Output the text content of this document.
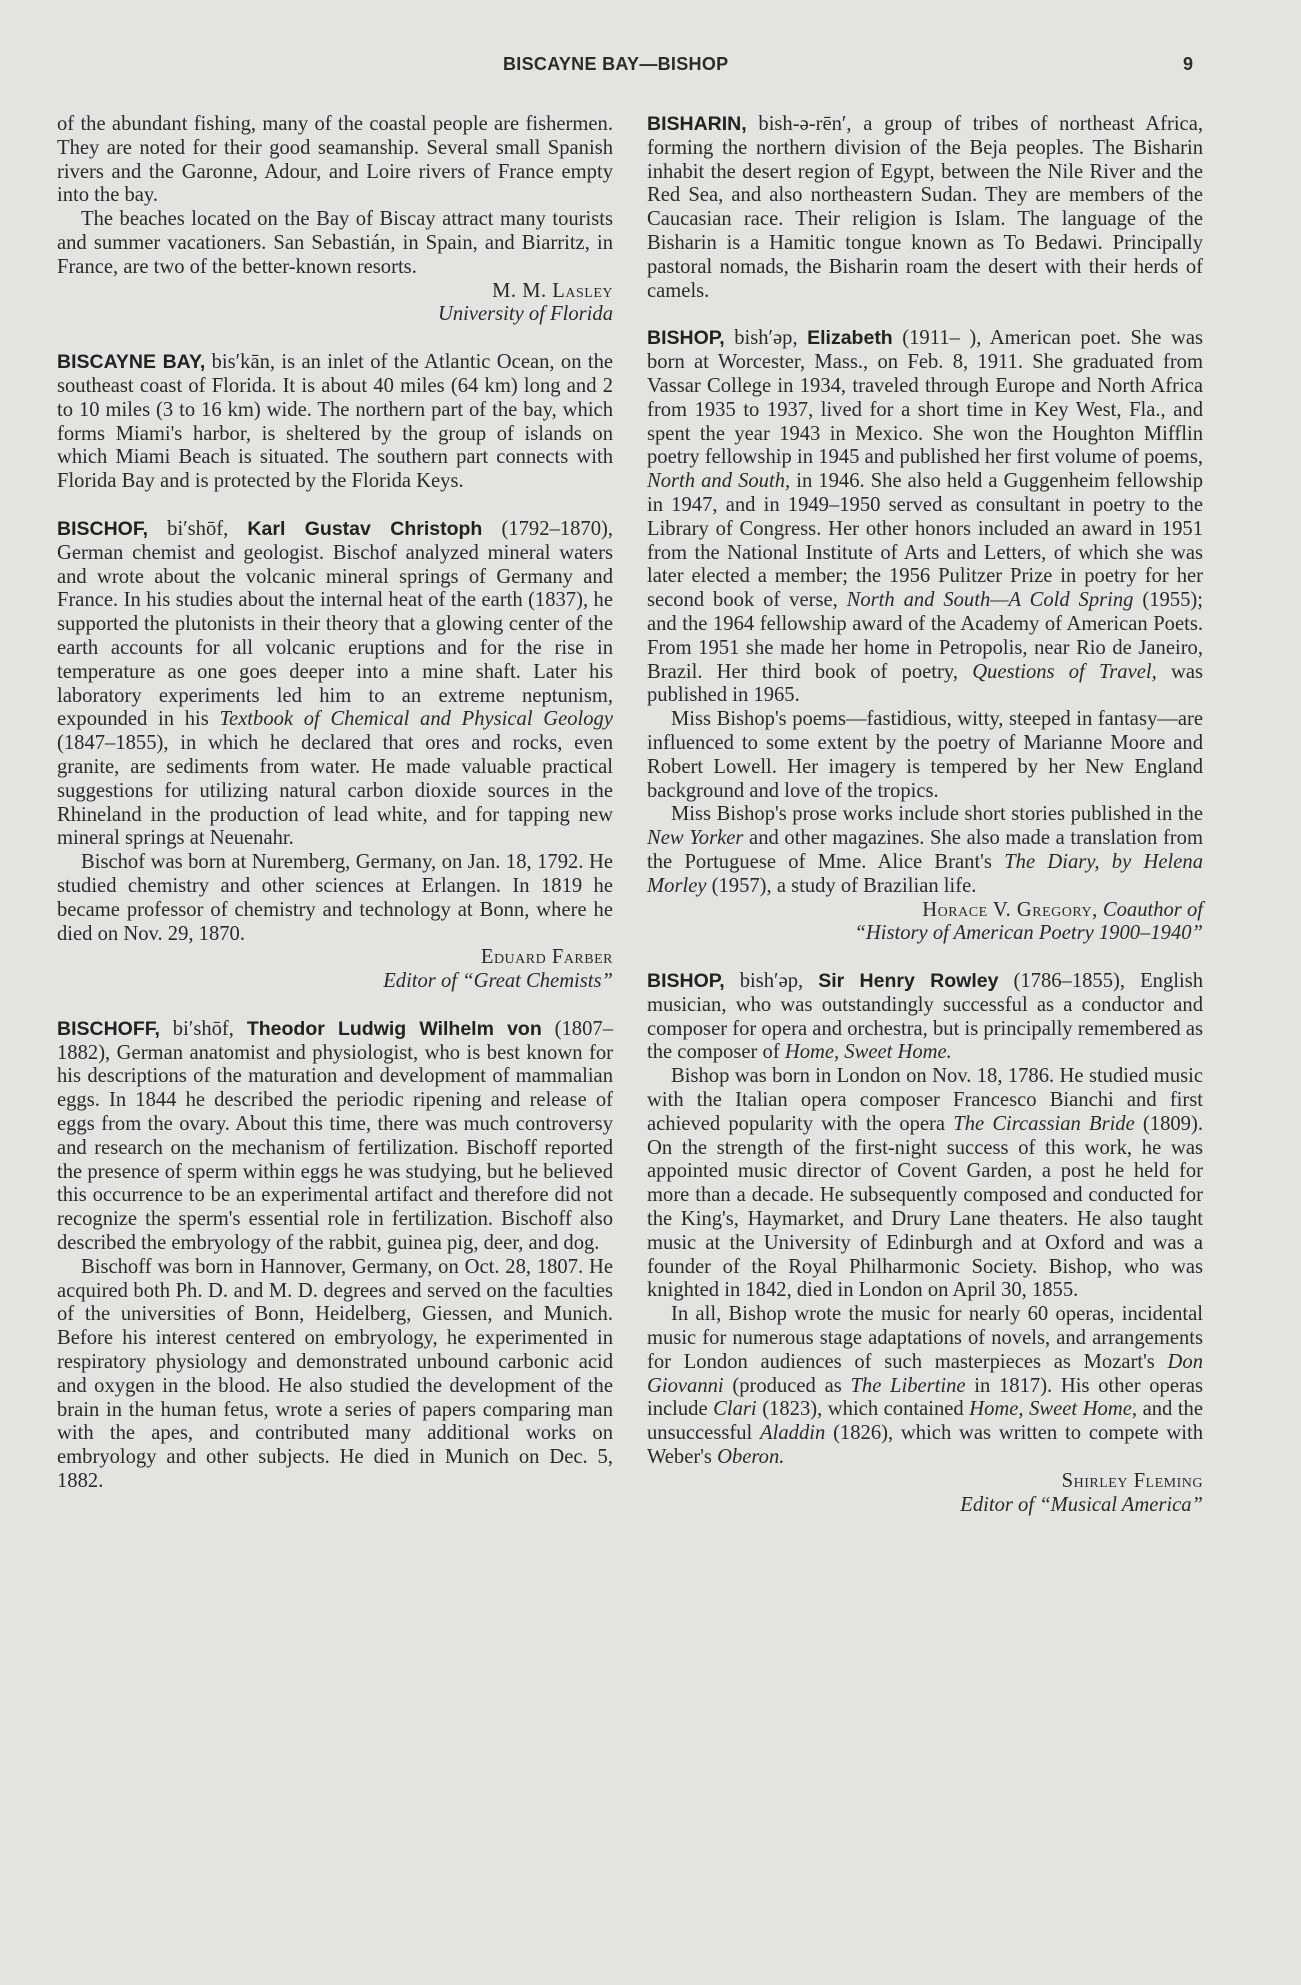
BISCAYNE BAY—BISHOP	9

of the abundant fishing, many of the coastal people are fishermen. They are noted for their good seamanship. Several small Spanish rivers and the Garonne, Adour, and Loire rivers of France empty into the bay.

The beaches located on the Bay of Biscay attract many tourists and summer vacationers. San Sebastián, in Spain, and Biarritz, in France, are two of the better-known resorts.

M. M. Lasley

University of Florida

BISCAYNE BAY, bis′kān, is an inlet of the Atlantic Ocean, on the southeast coast of Florida. It is about 40 miles (64 km) long and 2 to 10 miles (3 to 16 km) wide. The northern part of the bay, which forms Miami's harbor, is sheltered by the group of islands on which Miami Beach is situated. The southern part connects with Florida Bay and is protected by the Florida Keys.

BISCHOF, bi′shōf, Karl Gustav Christoph (1792–1870), German chemist and geologist. Bischof analyzed mineral waters and wrote about the volcanic mineral springs of Germany and France. In his studies about the internal heat of the earth (1837), he supported the plutonists in their theory that a glowing center of the earth accounts for all volcanic eruptions and for the rise in temperature as one goes deeper into a mine shaft. Later his laboratory experiments led him to an extreme neptunism, expounded in his Textbook of Chemical and Physical Geology (1847–1855), in which he declared that ores and rocks, even granite, are sediments from water. He made valuable practical suggestions for utilizing natural carbon dioxide sources in the Rhineland in the production of lead white, and for tapping new mineral springs at Neuenahr.

Bischof was born at Nuremberg, Germany, on Jan. 18, 1792. He studied chemistry and other sciences at Erlangen. In 1819 he became professor of chemistry and technology at Bonn, where he died on Nov. 29, 1870.

Eduard Farber

Editor of “Great Chemists”

BISCHOFF, bi′shōf, Theodor Ludwig Wilhelm von (1807–1882), German anatomist and physiologist, who is best known for his descriptions of the maturation and development of mammalian eggs. In 1844 he described the periodic ripening and release of eggs from the ovary. About this time, there was much controversy and research on the mechanism of fertilization. Bischoff reported the presence of sperm within eggs he was studying, but he believed this occurrence to be an experimental artifact and therefore did not recognize the sperm's essential role in fertilization. Bischoff also described the embryology of the rabbit, guinea pig, deer, and dog.

Bischoff was born in Hannover, Germany, on Oct. 28, 1807. He acquired both Ph. D. and M. D. degrees and served on the faculties of the universities of Bonn, Heidelberg, Giessen, and Munich. Before his interest centered on embryology, he experimented in respiratory physiology and demonstrated unbound carbonic acid and oxygen in the blood. He also studied the development of the brain in the human fetus, wrote a series of papers comparing man with the apes, and contributed many additional works on embryology and other subjects. He died in Munich on Dec. 5, 1882.

BISHARIN, bish-ə-rēn′, a group of tribes of northeast Africa, forming the northern division of the Beja peoples. The Bisharin inhabit the desert region of Egypt, between the Nile River and the Red Sea, and also northeastern Sudan. They are members of the Caucasian race. Their religion is Islam. The language of the Bisharin is a Hamitic tongue known as To Bedawi. Principally pastoral nomads, the Bisharin roam the desert with their herds of camels.

BISHOP, bish′əp, Elizabeth (1911– ), American poet. She was born at Worcester, Mass., on Feb. 8, 1911. She graduated from Vassar College in 1934, traveled through Europe and North Africa from 1935 to 1937, lived for a short time in Key West, Fla., and spent the year 1943 in Mexico. She won the Houghton Mifflin poetry fellowship in 1945 and published her first volume of poems, North and South, in 1946. She also held a Guggenheim fellowship in 1947, and in 1949–1950 served as consultant in poetry to the Library of Congress. Her other honors included an award in 1951 from the National Institute of Arts and Letters, of which she was later elected a member; the 1956 Pulitzer Prize in poetry for her second book of verse, North and South—A Cold Spring (1955); and the 1964 fellowship award of the Academy of American Poets. From 1951 she made her home in Petropolis, near Rio de Janeiro, Brazil. Her third book of poetry, Questions of Travel, was published in 1965.

Miss Bishop's poems—fastidious, witty, steeped in fantasy—are influenced to some extent by the poetry of Marianne Moore and Robert Lowell. Her imagery is tempered by her New England background and love of the tropics.

Miss Bishop's prose works include short stories published in the New Yorker and other magazines. She also made a translation from the Portuguese of Mme. Alice Brant's The Diary, by Helena Morley (1957), a study of Brazilian life.

Horace V. Gregory, Coauthor of

“History of American Poetry 1900–1940”

BISHOP, bish′əp, Sir Henry Rowley (1786–1855), English musician, who was outstandingly successful as a conductor and composer for opera and orchestra, but is principally remembered as the composer of Home, Sweet Home.

Bishop was born in London on Nov. 18, 1786. He studied music with the Italian opera composer Francesco Bianchi and first achieved popularity with the opera The Circassian Bride (1809). On the strength of the first-night success of this work, he was appointed music director of Covent Garden, a post he held for more than a decade. He subsequently composed and conducted for the King's, Haymarket, and Drury Lane theaters. He also taught music at the University of Edinburgh and at Oxford and was a founder of the Royal Philharmonic Society. Bishop, who was knighted in 1842, died in London on April 30, 1855.

In all, Bishop wrote the music for nearly 60 operas, incidental music for numerous stage adaptations of novels, and arrangements for London audiences of such masterpieces as Mozart's Don Giovanni (produced as The Libertine in 1817). His other operas include Clari (1823), which contained Home, Sweet Home, and the unsuccessful Aladdin (1826), which was written to compete with Weber's Oberon.

Shirley Fleming

Editor of “Musical America”
